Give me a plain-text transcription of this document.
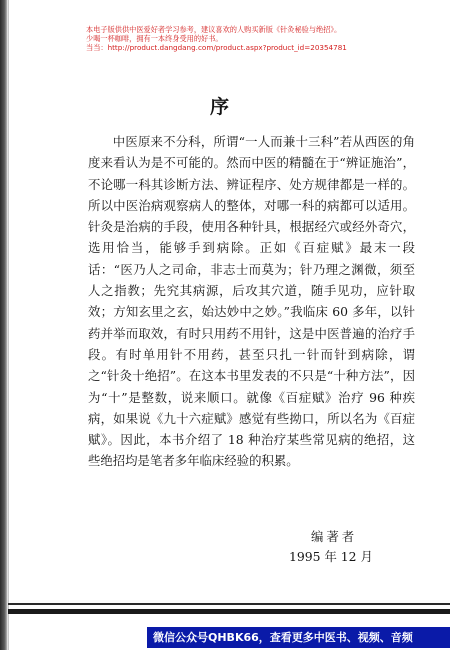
本电子版供供中医爱好者学习参考，建议喜欢的人购买新版《针灸秘验与绝招》。
少喝一杯咖啡，拥有一本终身受用的好书。
当当：http://product.dangdang.com/product.aspx?product_id=20354781
序

中医原来不分科，所谓“一人而兼十三科”若从西医的角度来看认为是不可能的。然而中医的精髓在于“辨证施治”，不论哪一科其诊断方法、辨证程序、处方规律都是一样的。所以中医治病观察病人的整体，对哪一科的病都可以适用。针灸是治病的手段，使用各种针具，根据经穴或经外奇穴，选用恰当，能够手到病除。正如《百症赋》最末一段话：“医乃人之司命，非志士而莫为；针乃理之渊微，须至人之指教；先究其病源，后攻其穴道，随手见功，应针取效；方知玄里之玄，始达妙中之妙。”我临床 60 多年，以针药并举而取效，有时只用药不用针，这是中医普遍的治疗手段。有时单用针不用药，甚至只扎一针而针到病除，谓之“针灸十绝招”。在这本书里发表的不只是“十种方法”，因为“十”是整数，说来顺口。就像《百症赋》治疗 96 种疾病，如果说《九十六症赋》感觉有些拗口，所以名为《百症赋》。因此，本书介绍了 18 种治疗某些常见病的绝招，这些绝招均是笔者多年临床经验的积累。

编著者
1995 年 12 月
微信公众号QHBK66，查看更多中医书、视频、音频
